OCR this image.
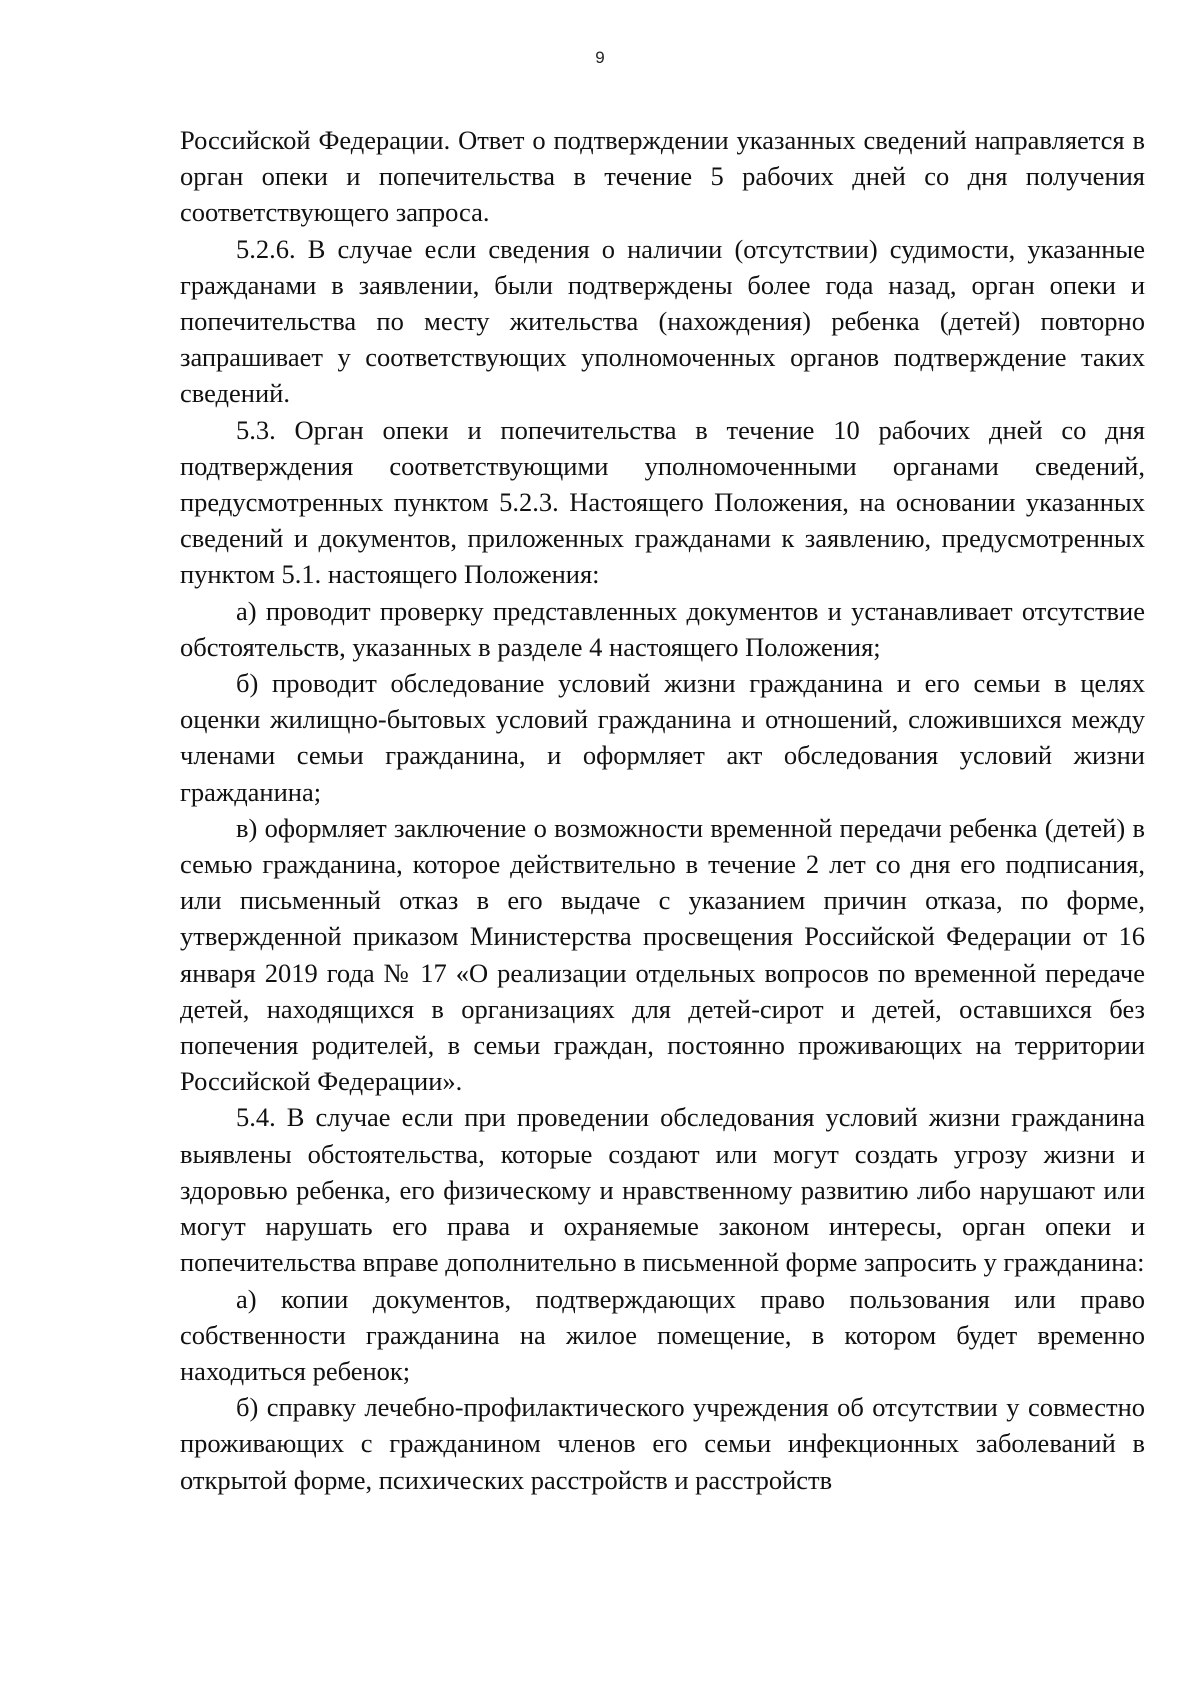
9

Российской Федерации. Ответ о подтверждении указанных сведений направляется в орган опеки и попечительства в течение 5 рабочих дней со дня получения соответствующего запроса.

5.2.6. В случае если сведения о наличии (отсутствии) судимости, указанные гражданами в заявлении, были подтверждены более года назад, орган опеки и попечительства по месту жительства (нахождения) ребенка (детей) повторно запрашивает у соответствующих уполномоченных органов подтверждение таких сведений.

5.3. Орган опеки и попечительства в течение 10 рабочих дней со дня подтверждения соответствующими уполномоченными органами сведений, предусмотренных пунктом 5.2.3. Настоящего Положения, на основании указанных сведений и документов, приложенных гражданами к заявлению, предусмотренных пунктом 5.1. настоящего Положения:

а) проводит проверку представленных документов и устанавливает отсутствие обстоятельств, указанных в разделе 4 настоящего Положения;

б) проводит обследование условий жизни гражданина и его семьи в целях оценки жилищно-бытовых условий гражданина и отношений, сложившихся между членами семьи гражданина, и оформляет акт обследования условий жизни гражданина;

в) оформляет заключение о возможности временной передачи ребенка (детей) в семью гражданина, которое действительно в течение 2 лет со дня его подписания, или письменный отказ в его выдаче с указанием причин отказа, по форме, утвержденной приказом Министерства просвещения Российской Федерации от 16 января 2019 года № 17 «О реализации отдельных вопросов по временной передаче детей, находящихся в организациях для детей-сирот и детей, оставшихся без попечения родителей, в семьи граждан, постоянно проживающих на территории Российской Федерации».

5.4. В случае если при проведении обследования условий жизни гражданина выявлены обстоятельства, которые создают или могут создать угрозу жизни и здоровью ребенка, его физическому и нравственному развитию либо нарушают или могут нарушать его права и охраняемые законом интересы, орган опеки и попечительства вправе дополнительно в письменной форме запросить у гражданина:

а) копии документов, подтверждающих право пользования или право собственности гражданина на жилое помещение, в котором будет временно находиться ребенок;

б) справку лечебно-профилактического учреждения об отсутствии у совместно проживающих с гражданином членов его семьи инфекционных заболеваний в открытой форме, психических расстройств и расстройств
